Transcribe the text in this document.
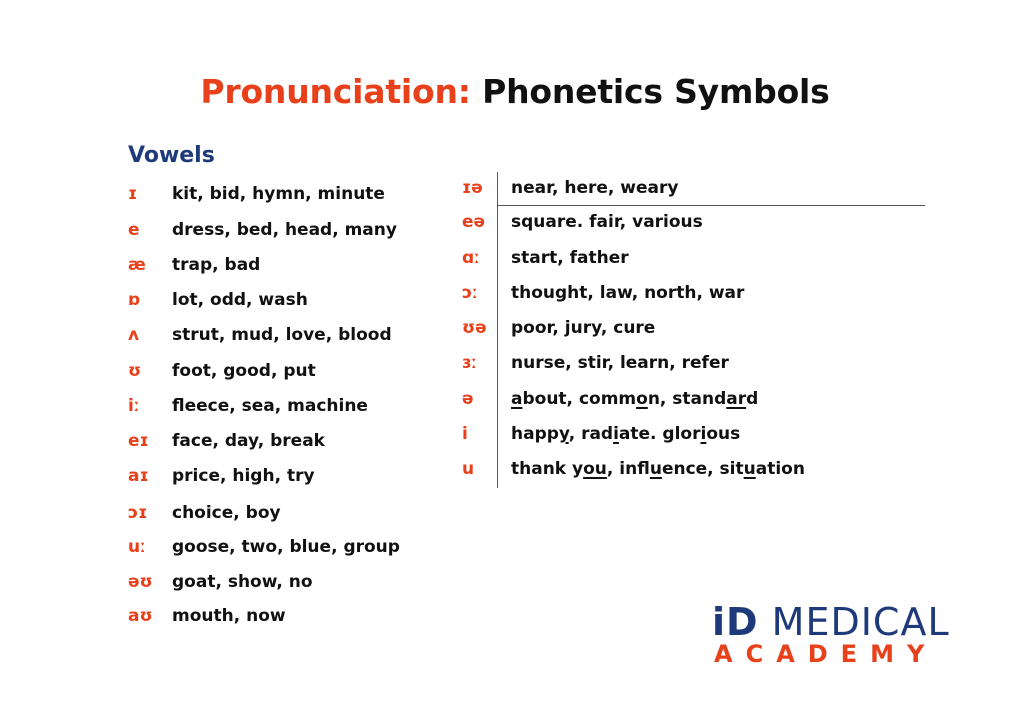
Pronunciation: Phonetics Symbols
Vowels
ɪ kit, bid, hymn, minute
e dress, bed, head, many
æ trap, bad
ɒ lot, odd, wash
ʌ strut, mud, love, blood
ʊ foot, good, put
iː fleece, sea, machine
eɪ face, day, break
aɪ price, high, try
ɔɪ choice, boy
uː goose, two, blue, group
əʊ goat, show, no
aʊ mouth, now
ɪə near, here, weary
eə square. fair, various
ɑː start, father
ɔː thought, law, north, war
ʊə poor, jury, cure
ɜː nurse, stir, learn, refer
ə about, common, standard
i	happy, radiate. glorious
u thank you, influence, situation
iD MEDICAL
ACADEMY
